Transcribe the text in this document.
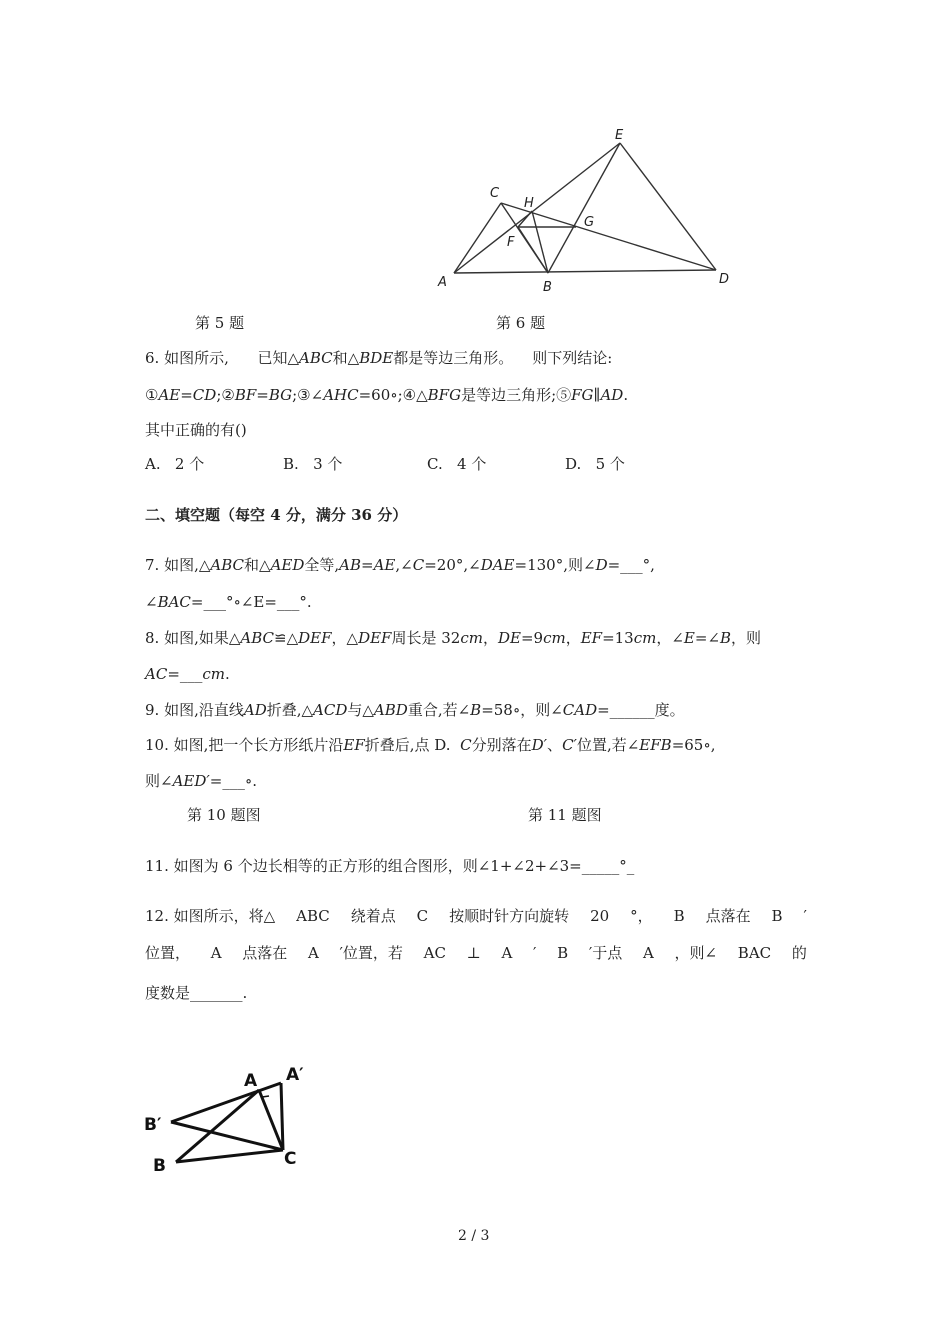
A	B
C
D
E
F
G
H
第 5 题	第 6 题
6. 如图所示, 已知△ABC和△BDE都是等边三角形。 则下列结论:
①AE=CD;②BF=BG;③∠AHC=60∘;④△BFG是等边三角形;⑤FG∥AD.
其中正确的有()
A.   2 个	B.   3 个	C.   4 个	D.   5 个
二、填空题（每空 4 分，满分 36 分）
7. 如图,△ABC和△AED全等,AB=AE,∠C=20°,∠DAE=130°,则∠D=___°,
∠BAC=___°∘∠E=___°.
8. 如图,如果△ABC≌△DEF，△DEF周长是 32cm，DE=9cm，EF=13cm，∠E=∠B，则
AC=___cm.
9. 如图,沿直线AD折叠,△ACD与△ABD重合,若∠B=58∘，则∠CAD=______度。
10. 如图,把一个长方形纸片沿EF折叠后,点 D. C分别落在D′、C′位置,若∠EFB=65∘,
则∠AED′=___∘.
第 10 题图	第 11 题图
11. 如图为 6 个边长相等的正方形的组合图形，则∠1+∠2+∠3=_____°_
12. 如图所示，将△ ABC 绕着点 C 按顺时针方向旋转 20 °， B 点落在 B ′
位置， A 点落在 A ′位置，若 AC ⊥ A ′ B ′于点 A ，则∠ BAC 的
度数是_______.
A A′
B′
B	C
2 / 3
